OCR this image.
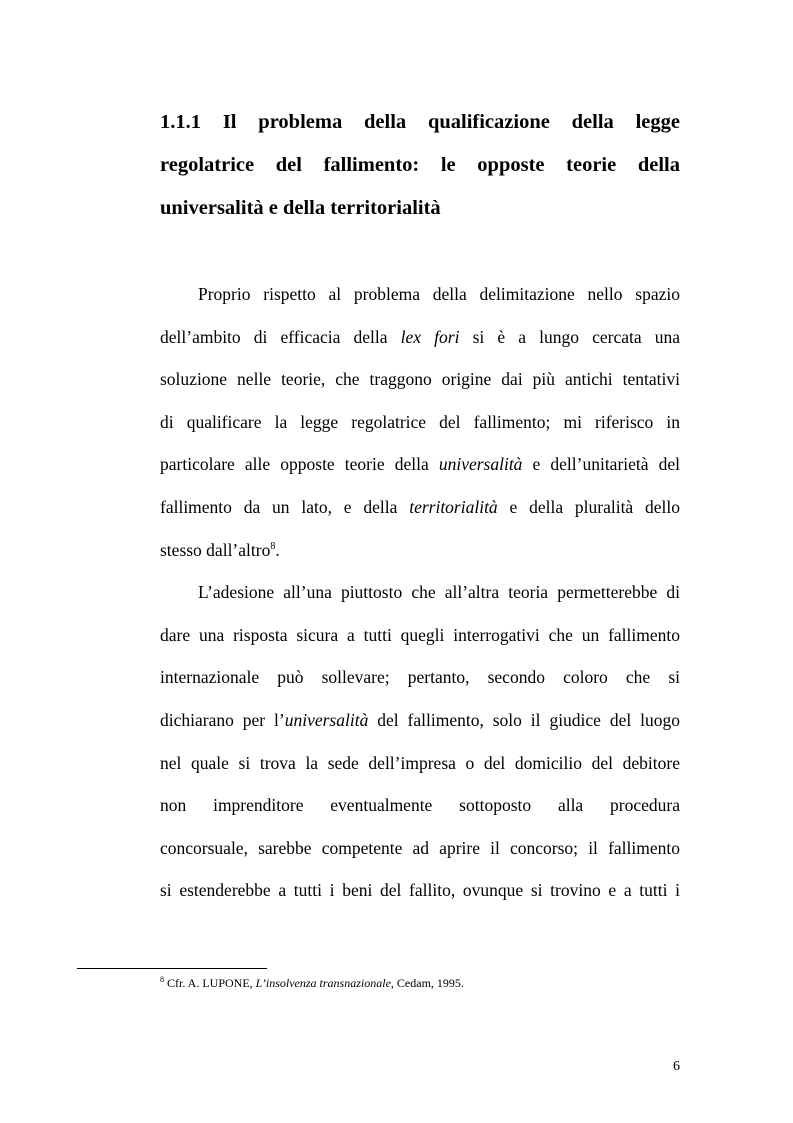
1.1.1 Il problema della qualificazione della legge
regolatrice del fallimento: le opposte teorie della
universalità e della territorialità

Proprio rispetto al problema della delimitazione nello spazio
dell’ambito di efficacia della lex fori si è a lungo cercata una
soluzione nelle teorie, che traggono origine dai più antichi tentativi
di qualificare la legge regolatrice del fallimento; mi riferisco in
particolare alle opposte teorie della universalità e dell’unitarietà del
fallimento da un lato, e della territorialità e della pluralità dello
stesso dall’altro$^8$.

L’adesione all’una piuttosto che all’altra teoria permetterebbe di
dare una risposta sicura a tutti quegli interrogativi che un fallimento
internazionale può sollevare; pertanto, secondo coloro che si
dichiarano per l’universalità del fallimento, solo il giudice del luogo
nel quale si trova la sede dell’impresa o del domicilio del debitore
non imprenditore eventualmente sottoposto alla procedura
concorsuale, sarebbe competente ad aprire il concorso; il fallimento
si estenderebbe a tutti i beni del fallito, ovunque si trovino e a tutti i

$^8$ Cfr. A. LUPONE, L’insolvenza transnazionale, Cedam, 1995.

6
